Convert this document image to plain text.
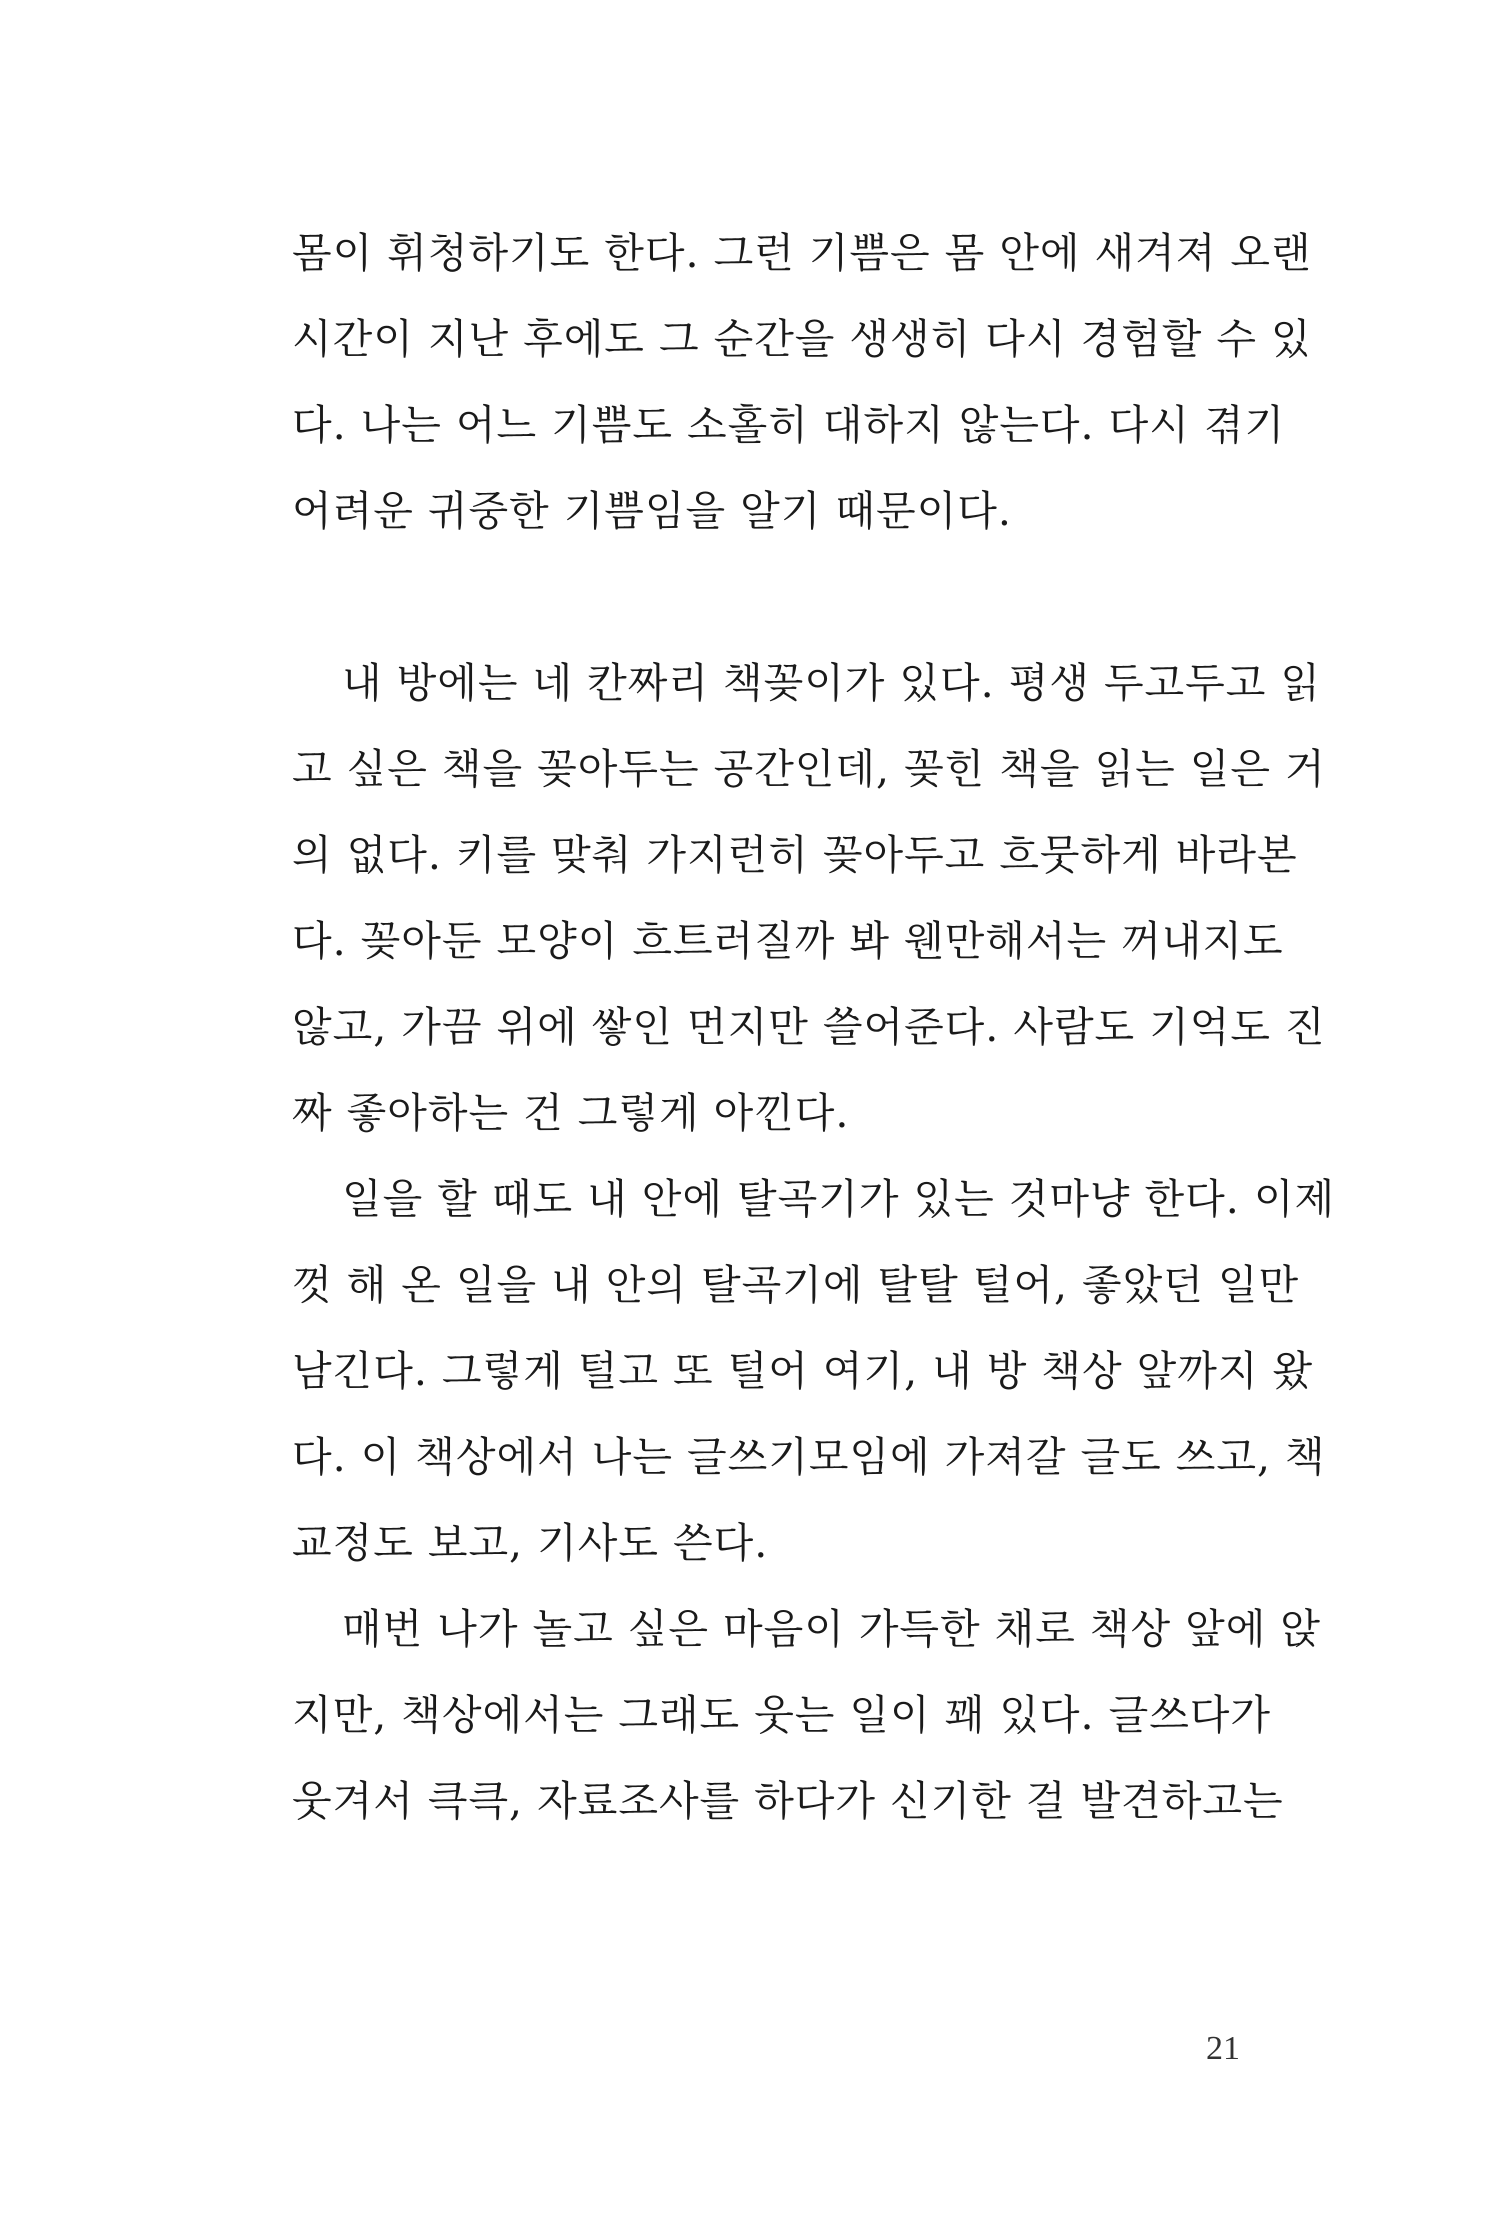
몸이 휘청하기도 한다. 그런 기쁨은 몸 안에 새겨져 오랜
시간이 지난 후에도 그 순간을 생생히 다시 경험할 수 있
다. 나는 어느 기쁨도 소홀히 대하지 않는다. 다시 겪기
어려운 귀중한 기쁨임을 알기 때문이다.
내 방에는 네 칸짜리 책꽂이가 있다. 평생 두고두고 읽
고 싶은 책을 꽂아두는 공간인데, 꽂힌 책을 읽는 일은 거
의 없다. 키를 맞춰 가지런히 꽂아두고 흐뭇하게 바라본
다. 꽂아둔 모양이 흐트러질까 봐 웬만해서는 꺼내지도
않고, 가끔 위에 쌓인 먼지만 쓸어준다. 사람도 기억도 진
짜 좋아하는 건 그렇게 아낀다.
일을 할 때도 내 안에 탈곡기가 있는 것마냥 한다. 이제
껏 해 온 일을 내 안의 탈곡기에 탈탈 털어, 좋았던 일만
남긴다. 그렇게 털고 또 털어 여기, 내 방 책상 앞까지 왔
다. 이 책상에서 나는 글쓰기모임에 가져갈 글도 쓰고, 책
교정도 보고, 기사도 쓴다.
매번 나가 놀고 싶은 마음이 가득한 채로 책상 앞에 앉
지만, 책상에서는 그래도 웃는 일이 꽤 있다. 글쓰다가
웃겨서 큭큭, 자료조사를 하다가 신기한 걸 발견하고는
21
